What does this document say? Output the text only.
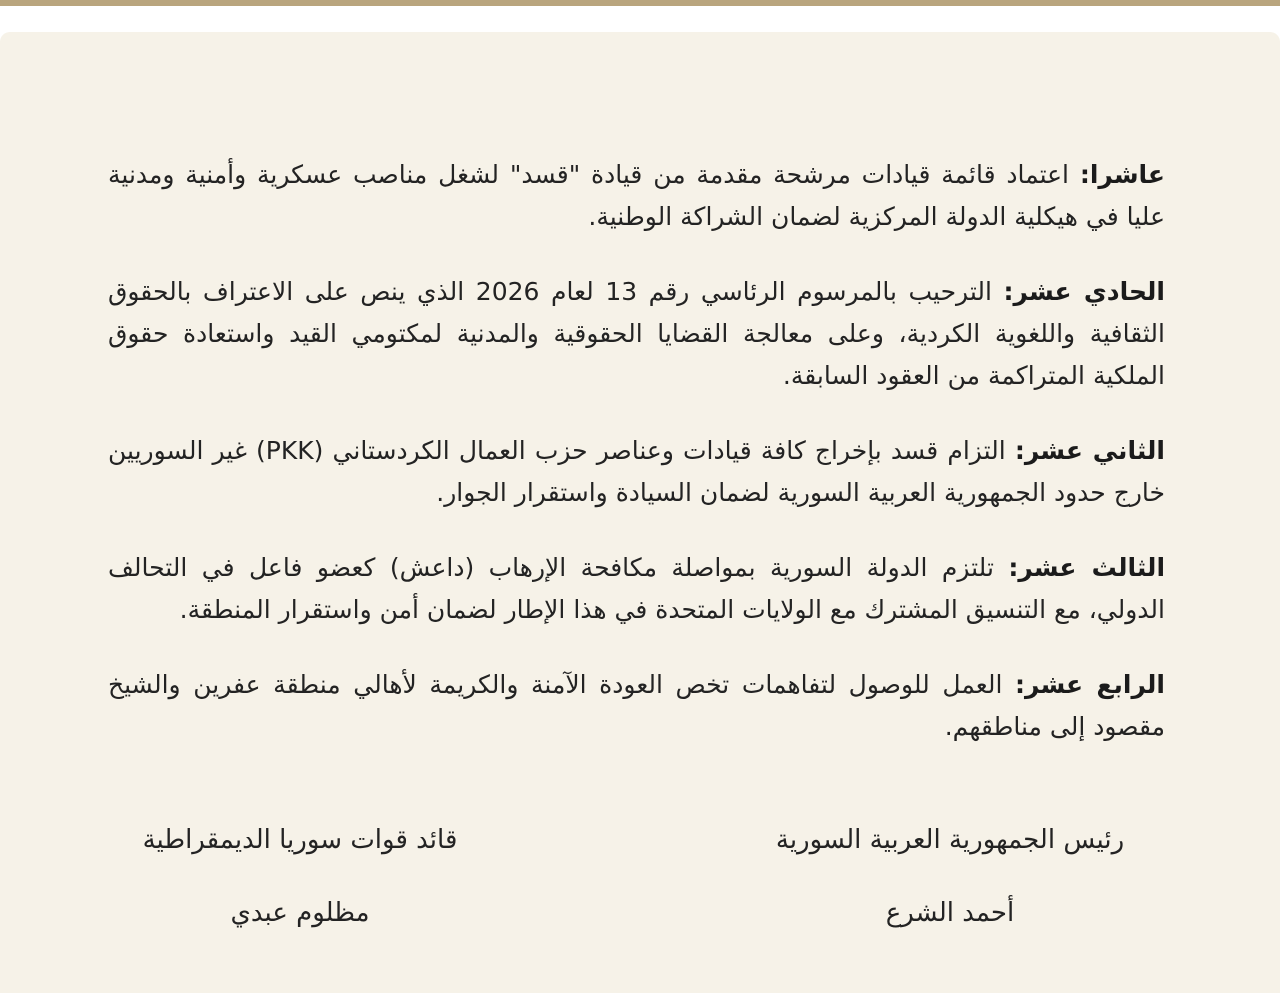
عاشرا: اعتماد قائمة قيادات مرشحة مقدمة من قيادة "قسد" لشغل مناصب عسكرية وأمنية ومدنية عليا في هيكلية الدولة المركزية لضمان الشراكة الوطنية.

الحادي عشر: الترحيب بالمرسوم الرئاسي رقم 13 لعام 2026 الذي ينص على الاعتراف بالحقوق الثقافية واللغوية الكردية، وعلى معالجة القضايا الحقوقية والمدنية لمكتومي القيد واستعادة حقوق الملكية المتراكمة من العقود السابقة.

الثاني عشر: التزام قسد بإخراج كافة قيادات وعناصر حزب العمال الكردستاني (PKK) غير السوريين خارج حدود الجمهورية العربية السورية لضمان السيادة واستقرار الجوار.

الثالث عشر: تلتزم الدولة السورية بمواصلة مكافحة الإرهاب (داعش) كعضو فاعل في التحالف الدولي، مع التنسيق المشترك مع الولايات المتحدة في هذا الإطار لضمان أمن واستقرار المنطقة.

الرابع عشر: العمل للوصول لتفاهمات تخص العودة الآمنة والكريمة لأهالي منطقة عفرين والشيخ مقصود إلى مناطقهم.

رئيس الجمهورية العربية السورية
أحمد الشرع
قائد قوات سوريا الديمقراطية
مظلوم عبدي
